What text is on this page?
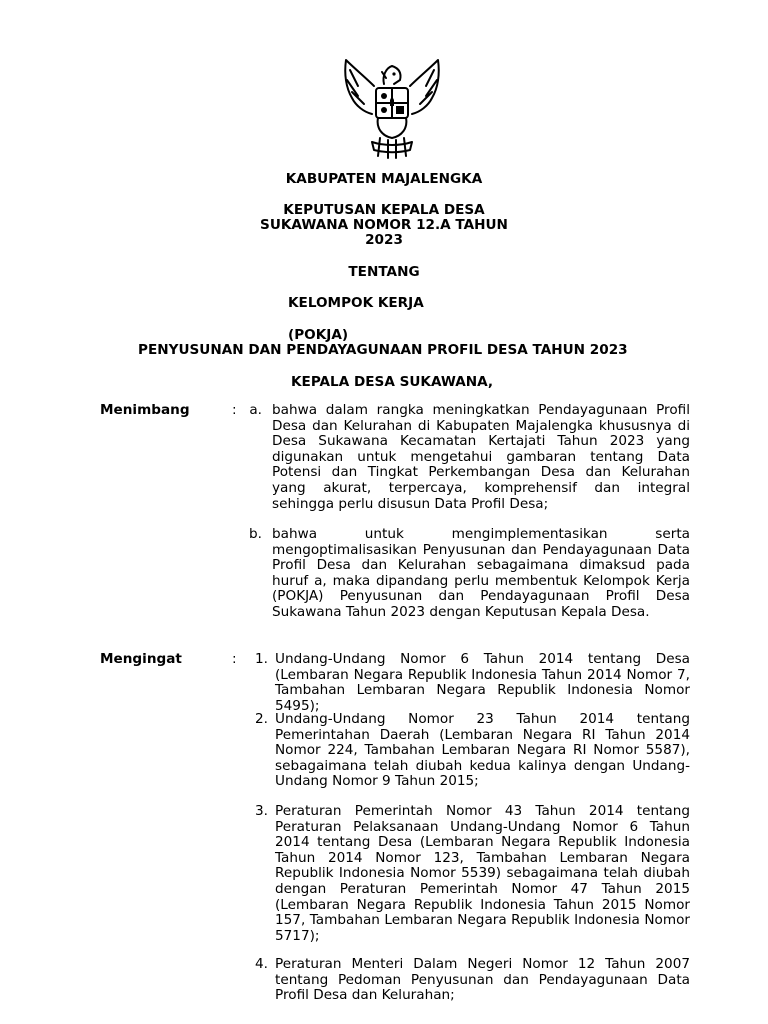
KABUPATEN MAJALENGKA
KEPUTUSAN KEPALA DESA
SUKAWANA NOMOR 12.A TAHUN
2023
TENTANG
KELOMPOK KERJA
(POKJA)
PENYUSUNAN DAN PENDAYAGUNAAN PROFIL DESA TAHUN 2023
KEPALA DESA SUKAWANA,
Menimbang	: a. bahwa dalam rangka meningkatkan Pendayagunaan Profil Desa dan Kelurahan di Kabupaten Majalengka khususnya di Desa Sukawana Kecamatan Kertajati Tahun 2023 yang digunakan untuk mengetahui gambaran tentang Data Potensi dan Tingkat Perkembangan Desa dan Kelurahan yang akurat, terpercaya, komprehensif dan integral sehingga perlu disusun Data Profil Desa;
b. bahwa untuk mengimplementasikan serta mengoptimalisasikan Penyusunan dan Pendayagunaan Data Profil Desa dan Kelurahan sebagaimana dimaksud pada huruf a, maka dipandang perlu membentuk Kelompok Kerja (POKJA) Penyusunan dan Pendayagunaan Profil Desa Sukawana Tahun 2023 dengan Keputusan Kepala Desa.
Mengingat	:	1. Undang-Undang Nomor 6 Tahun 2014 tentang Desa (Lembaran Negara Republik Indonesia Tahun 2014 Nomor 7, Tambahan Lembaran Negara Republik Indonesia Nomor 5495);
2. Undang-Undang Nomor 23 Tahun 2014 tentang Pemerintahan Daerah (Lembaran Negara RI Tahun 2014 Nomor 224, Tambahan Lembaran Negara RI Nomor 5587), sebagaimana telah diubah kedua kalinya dengan Undang- Undang Nomor 9 Tahun 2015;
3. Peraturan Pemerintah Nomor 43 Tahun 2014 tentang Peraturan Pelaksanaan Undang-Undang Nomor 6 Tahun 2014 tentang Desa (Lembaran Negara Republik Indonesia Tahun 2014 Nomor 123, Tambahan Lembaran Negara Republik Indonesia Nomor 5539) sebagaimana telah diubah dengan Peraturan Pemerintah Nomor 47 Tahun 2015 (Lembaran Negara Republik Indonesia Tahun 2015 Nomor 157, Tambahan Lembaran Negara Republik Indonesia Nomor 5717);
4. Peraturan Menteri Dalam Negeri Nomor 12 Tahun 2007 tentang Pedoman Penyusunan dan Pendayagunaan Data Profil Desa dan Kelurahan;
